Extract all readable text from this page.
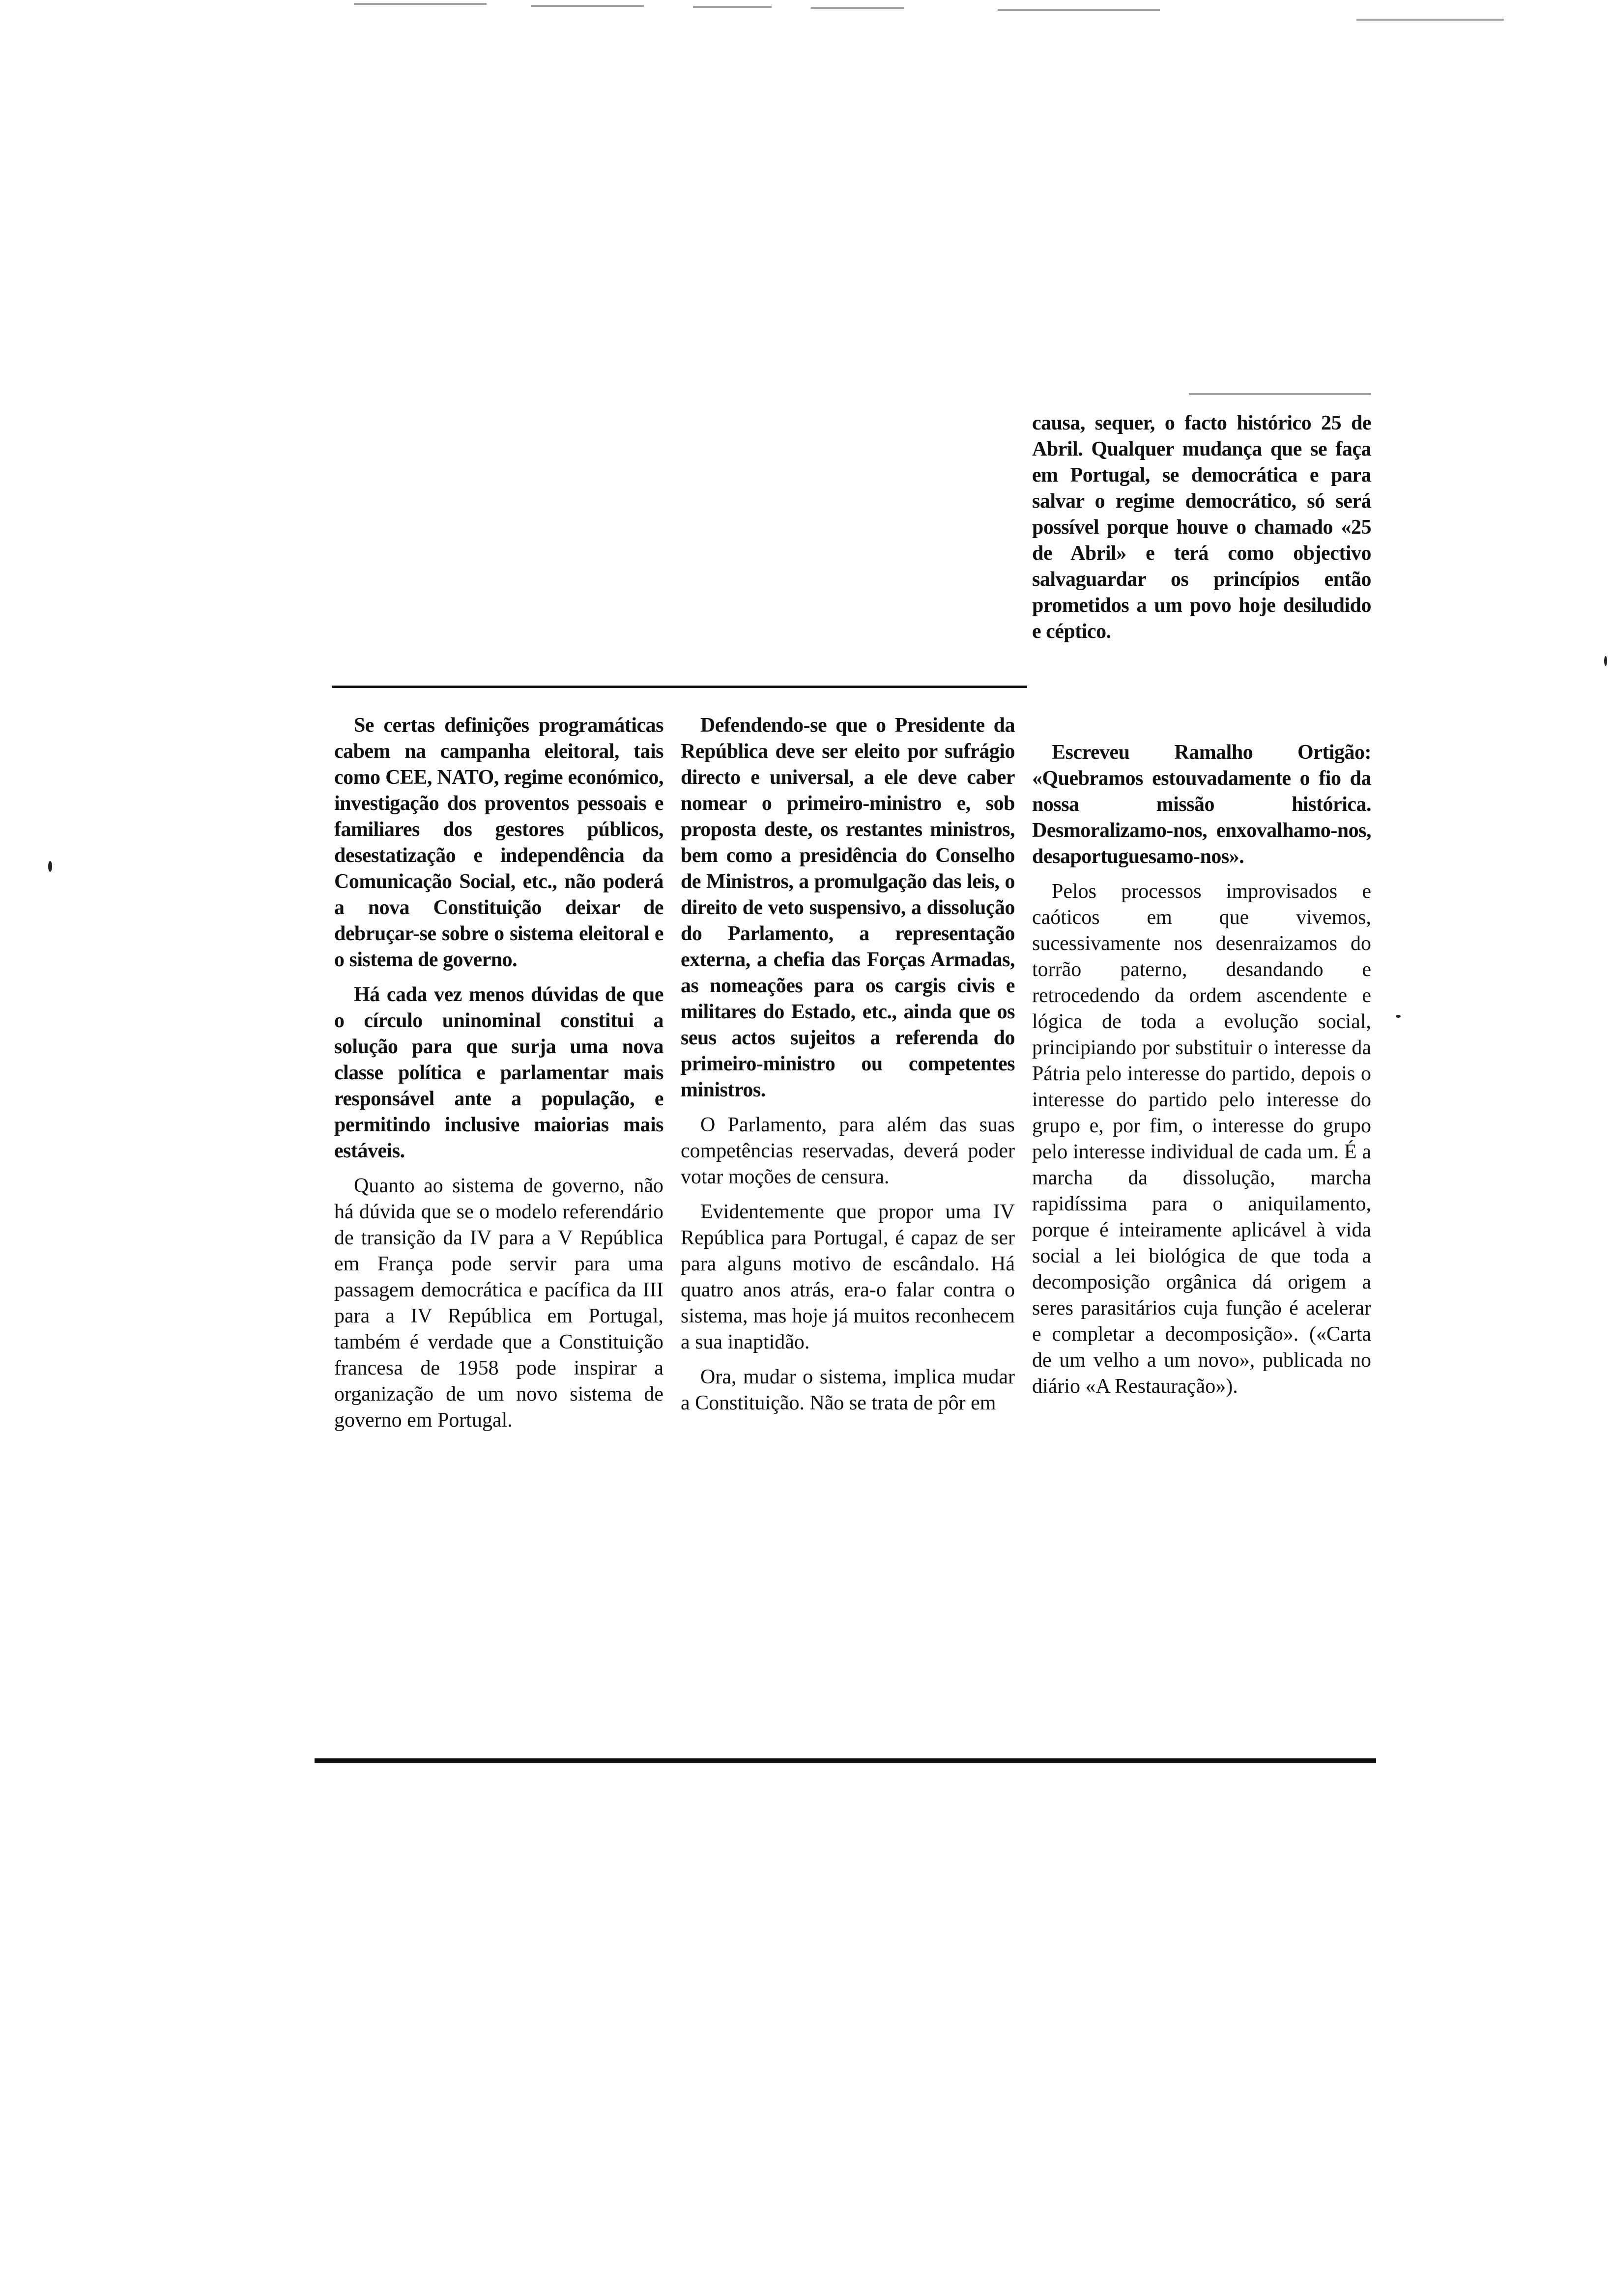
Se certas definições programáticas cabem na campanha eleitoral, tais como CEE, NATO, regime económico, investigação dos proventos pessoais e familiares dos gestores públicos, desestatização e independência da Comunicação Social, etc., não poderá a nova Constituição deixar de debruçar-se sobre o sistema eleitoral e o sistema de governo.

Há cada vez menos dúvidas de que o círculo uninominal constitui a solução para que surja uma nova classe política e parlamentar mais responsável ante a população, e permitindo inclusive maiorias mais estáveis.

Quanto ao sistema de governo, não há dúvida que se o modelo referendário de transição da IV para a V República em França pode servir para uma passagem democrática e pacífica da III para a IV República em Portugal, também é verdade que a Constituição francesa de 1958 pode inspirar a organização de um novo sistema de governo em Portugal.

Defendendo-se que o Presidente da República deve ser eleito por sufrágio directo e universal, a ele deve caber nomear o primeiro-ministro e, sob proposta deste, os restantes ministros, bem como a presidência do Conselho de Ministros, a promulgação das leis, o direito de veto suspensivo, a dissolução do Parlamento, a representação externa, a chefia das Forças Armadas, as nomeações para os cargis civis e militares do Estado, etc., ainda que os seus actos sujeitos a referenda do primeiro-ministro ou competentes ministros.

O Parlamento, para além das suas competências reservadas, deverá poder votar moções de censura.

Evidentemente que propor uma IV República para Portugal, é capaz de ser para alguns motivo de escândalo. Há quatro anos atrás, era-o falar contra o sistema, mas hoje já muitos reconhecem a sua inaptidão.

Ora, mudar o sistema, implica mudar a Constituição. Não se trata de pôr em

causa, sequer, o facto histórico 25 de Abril. Qualquer mudança que se faça em Portugal, se democrática e para salvar o regime democrático, só será possível porque houve o chamado «25 de Abril» e terá como objectivo salvaguardar os princípios então prometidos a um povo hoje desiludido e céptico.

Escreveu Ramalho Ortigão: «Quebramos estouvadamente o fio da nossa missão histórica. Desmoralizamo-nos, enxovalhamo-nos, desaportuguesamo-nos».

Pelos processos improvisados e caóticos em que vivemos, sucessivamente nos desenraizamos do torrão paterno, desandando e retrocedendo da ordem ascendente e lógica de toda a evolução social, principiando por substituir o interesse da Pátria pelo interesse do partido, depois o interesse do partido pelo interesse do grupo e, por fim, o interesse do grupo pelo interesse individual de cada um. É a marcha da dissolução, marcha rapidíssima para o aniquilamento, porque é inteiramente aplicável à vida social a lei biológica de que toda a decomposição orgânica dá origem a seres parasitários cuja função é acelerar e completar a decomposição». («Carta de um velho a um novo», publicada no diário «A Restauração»).
